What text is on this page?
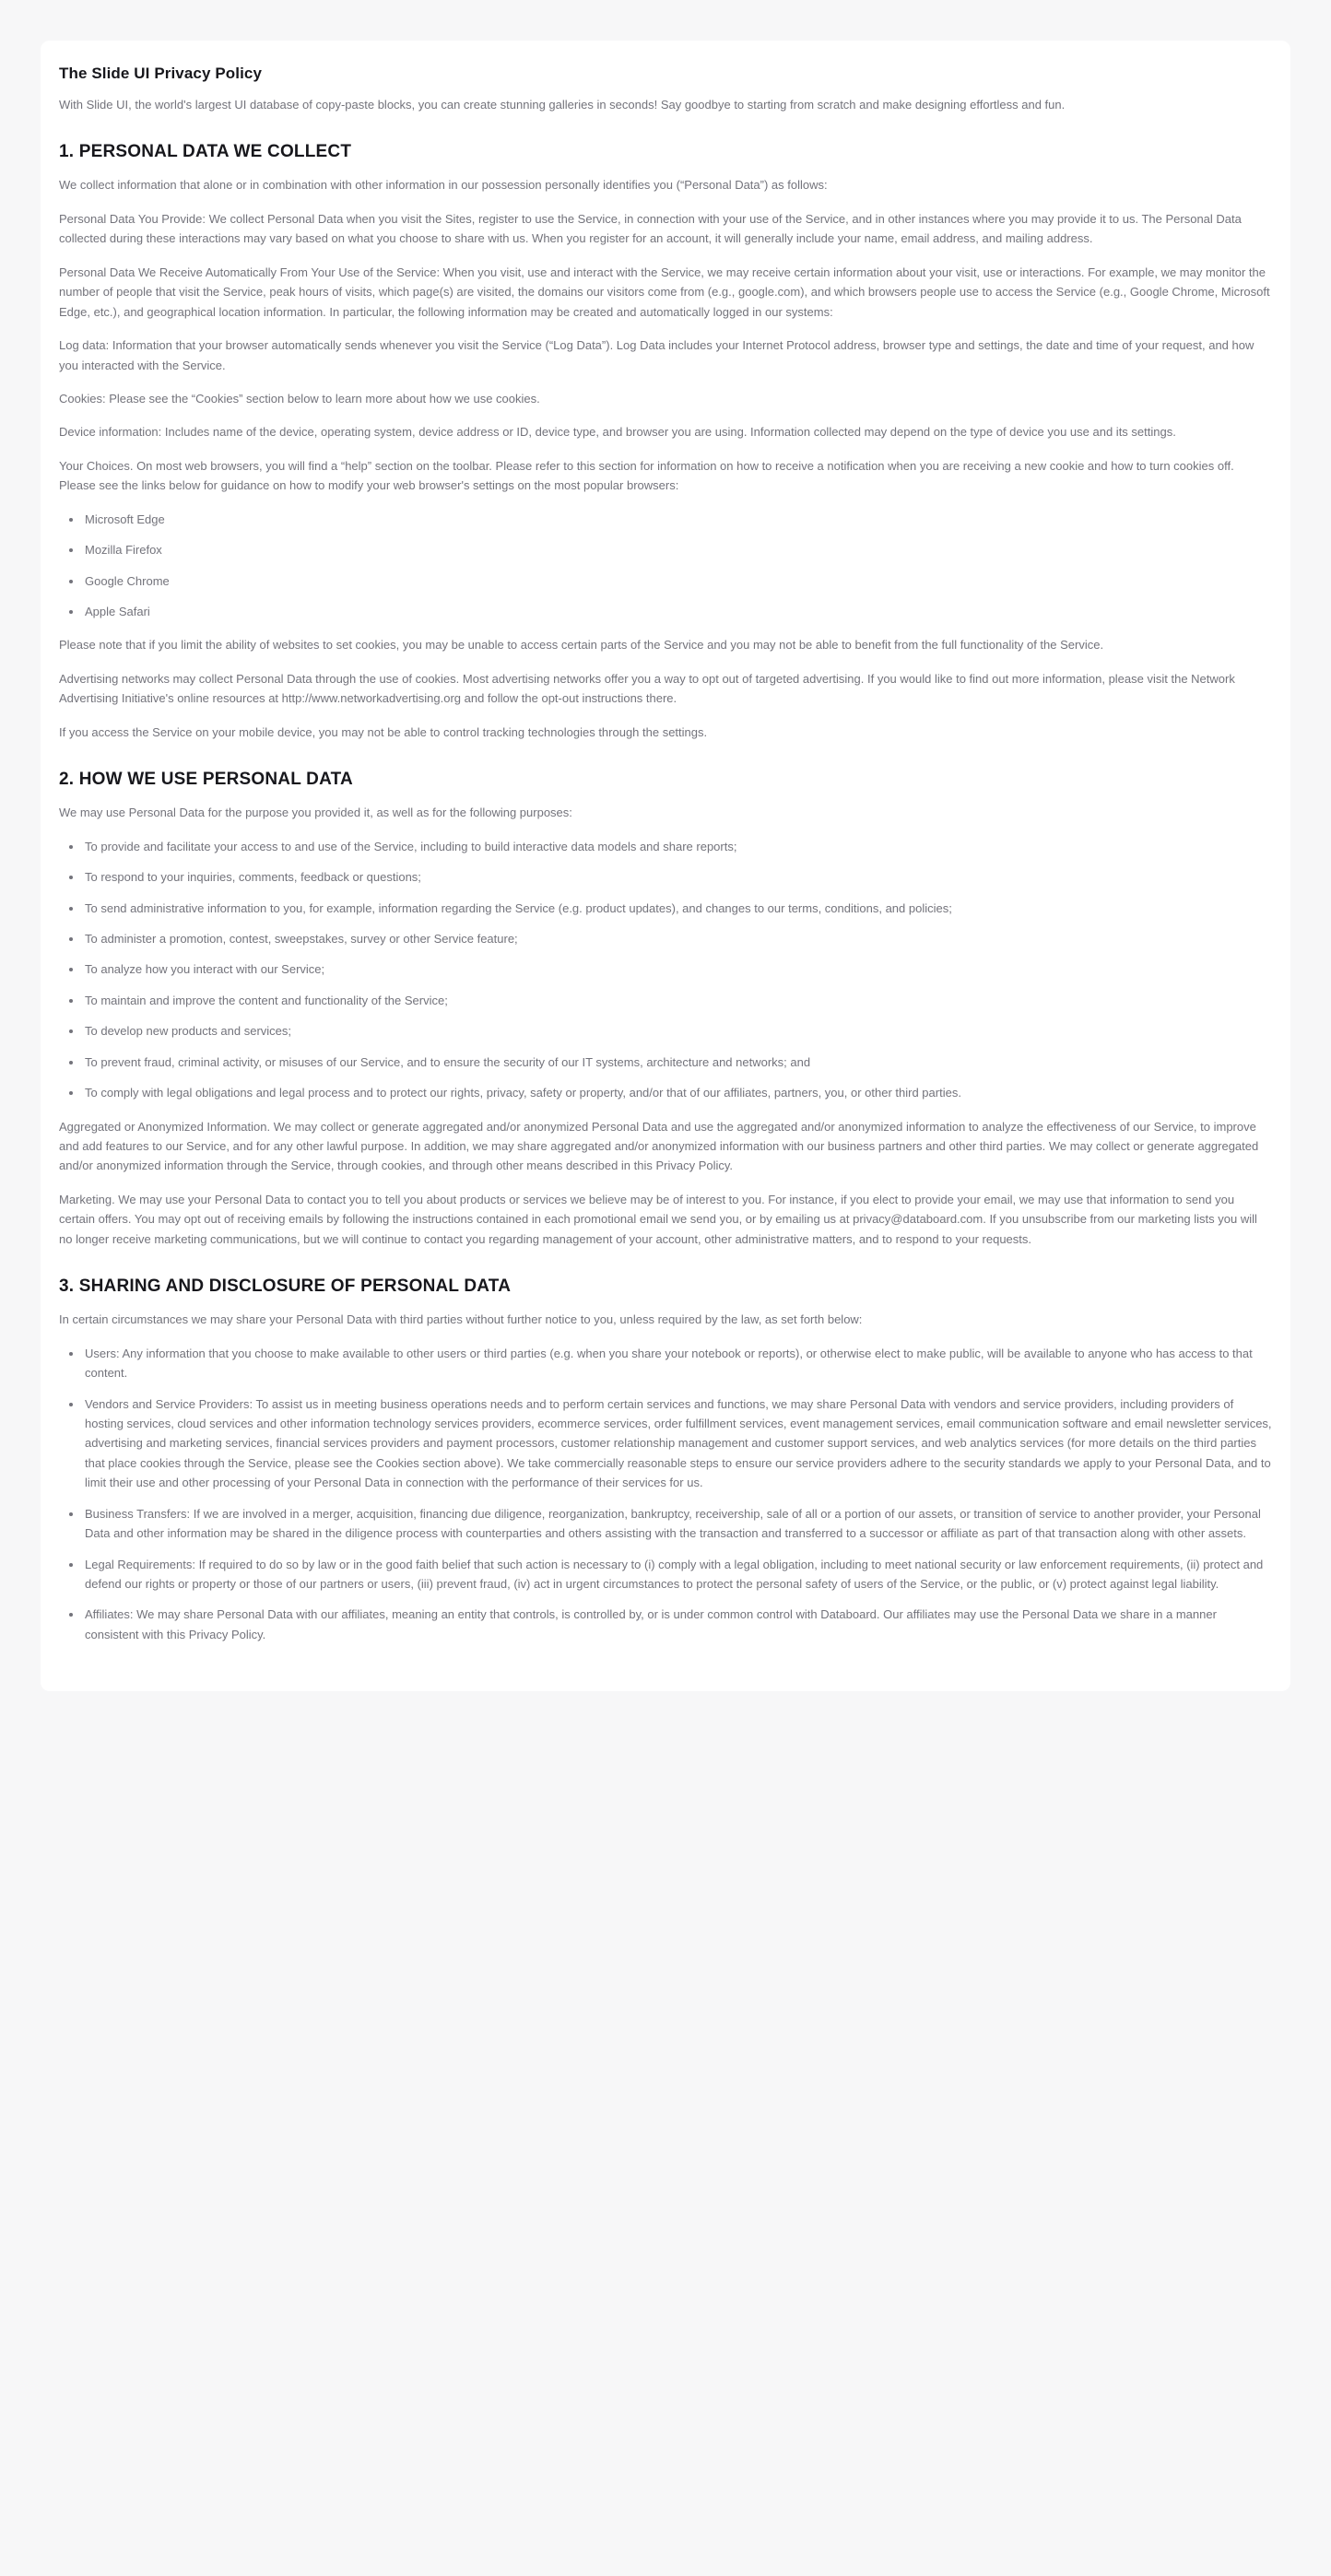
The Slide UI Privacy Policy

With Slide UI, the world's largest UI database of copy-paste blocks, you can create stunning galleries in seconds! Say goodbye to starting from scratch and make designing effortless and fun.

1. PERSONAL DATA WE COLLECT

We collect information that alone or in combination with other information in our possession personally identifies you (“Personal Data”) as follows:

Personal Data You Provide: We collect Personal Data when you visit the Sites, register to use the Service, in connection with your use of the Service, and in other instances where you may provide it to us. The Personal Data collected during these interactions may vary based on what you choose to share with us. When you register for an account, it will generally include your name, email address, and mailing address.

Personal Data We Receive Automatically From Your Use of the Service: When you visit, use and interact with the Service, we may receive certain information about your visit, use or interactions. For example, we may monitor the number of people that visit the Service, peak hours of visits, which page(s) are visited, the domains our visitors come from (e.g., google.com), and which browsers people use to access the Service (e.g., Google Chrome, Microsoft Edge, etc.), and geographical location information. In particular, the following information may be created and automatically logged in our systems:

Log data: Information that your browser automatically sends whenever you visit the Service (“Log Data”). Log Data includes your Internet Protocol address, browser type and settings, the date and time of your request, and how you interacted with the Service.

Cookies: Please see the “Cookies” section below to learn more about how we use cookies.

Device information: Includes name of the device, operating system, device address or ID, device type, and browser you are using. Information collected may depend on the type of device you use and its settings.

Your Choices. On most web browsers, you will find a “help” section on the toolbar. Please refer to this section for information on how to receive a notification when you are receiving a new cookie and how to turn cookies off. Please see the links below for guidance on how to modify your web browser's settings on the most popular browsers:

• Microsoft Edge
• Mozilla Firefox
• Google Chrome
• Apple Safari

Please note that if you limit the ability of websites to set cookies, you may be unable to access certain parts of the Service and you may not be able to benefit from the full functionality of the Service.

Advertising networks may collect Personal Data through the use of cookies. Most advertising networks offer you a way to opt out of targeted advertising. If you would like to find out more information, please visit the Network Advertising Initiative's online resources at http://www.networkadvertising.org and follow the opt-out instructions there.

If you access the Service on your mobile device, you may not be able to control tracking technologies through the settings.

2. HOW WE USE PERSONAL DATA

We may use Personal Data for the purpose you provided it, as well as for the following purposes:

• To provide and facilitate your access to and use of the Service, including to build interactive data models and share reports;
• To respond to your inquiries, comments, feedback or questions;
• To send administrative information to you, for example, information regarding the Service (e.g. product updates), and changes to our terms, conditions, and policies;
• To administer a promotion, contest, sweepstakes, survey or other Service feature;
• To analyze how you interact with our Service;
• To maintain and improve the content and functionality of the Service;
• To develop new products and services;
• To prevent fraud, criminal activity, or misuses of our Service, and to ensure the security of our IT systems, architecture and networks; and
• To comply with legal obligations and legal process and to protect our rights, privacy, safety or property, and/or that of our affiliates, partners, you, or other third parties.

Aggregated or Anonymized Information. We may collect or generate aggregated and/or anonymized Personal Data and use the aggregated and/or anonymized information to analyze the effectiveness of our Service, to improve and add features to our Service, and for any other lawful purpose. In addition, we may share aggregated and/or anonymized information with our business partners and other third parties. We may collect or generate aggregated and/or anonymized information through the Service, through cookies, and through other means described in this Privacy Policy.

Marketing. We may use your Personal Data to contact you to tell you about products or services we believe may be of interest to you. For instance, if you elect to provide your email, we may use that information to send you certain offers. You may opt out of receiving emails by following the instructions contained in each promotional email we send you, or by emailing us at privacy@databoard.com. If you unsubscribe from our marketing lists you will no longer receive marketing communications, but we will continue to contact you regarding management of your account, other administrative matters, and to respond to your requests.

3. SHARING AND DISCLOSURE OF PERSONAL DATA

In certain circumstances we may share your Personal Data with third parties without further notice to you, unless required by the law, as set forth below:

• Users: Any information that you choose to make available to other users or third parties (e.g. when you share your notebook or reports), or otherwise elect to make public, will be available to anyone who has access to that content.
• Vendors and Service Providers: To assist us in meeting business operations needs and to perform certain services and functions, we may share Personal Data with vendors and service providers, including providers of hosting services, cloud services and other information technology services providers, ecommerce services, order fulfillment services, event management services, email communication software and email newsletter services, advertising and marketing services, financial services providers and payment processors, customer relationship management and customer support services, and web analytics services (for more details on the third parties that place cookies through the Service, please see the Cookies section above). We take commercially reasonable steps to ensure our service providers adhere to the security standards we apply to your Personal Data, and to limit their use and other processing of your Personal Data in connection with the performance of their services for us.
• Business Transfers: If we are involved in a merger, acquisition, financing due diligence, reorganization, bankruptcy, receivership, sale of all or a portion of our assets, or transition of service to another provider, your Personal Data and other information may be shared in the diligence process with counterparties and others assisting with the transaction and transferred to a successor or affiliate as part of that transaction along with other assets.
• Legal Requirements: If required to do so by law or in the good faith belief that such action is necessary to (i) comply with a legal obligation, including to meet national security or law enforcement requirements, (ii) protect and defend our rights or property or those of our partners or users, (iii) prevent fraud, (iv) act in urgent circumstances to protect the personal safety of users of the Service, or the public, or (v) protect against legal liability.
• Affiliates: We may share Personal Data with our affiliates, meaning an entity that controls, is controlled by, or is under common control with Databoard. Our affiliates may use the Personal Data we share in a manner consistent with this Privacy Policy.
